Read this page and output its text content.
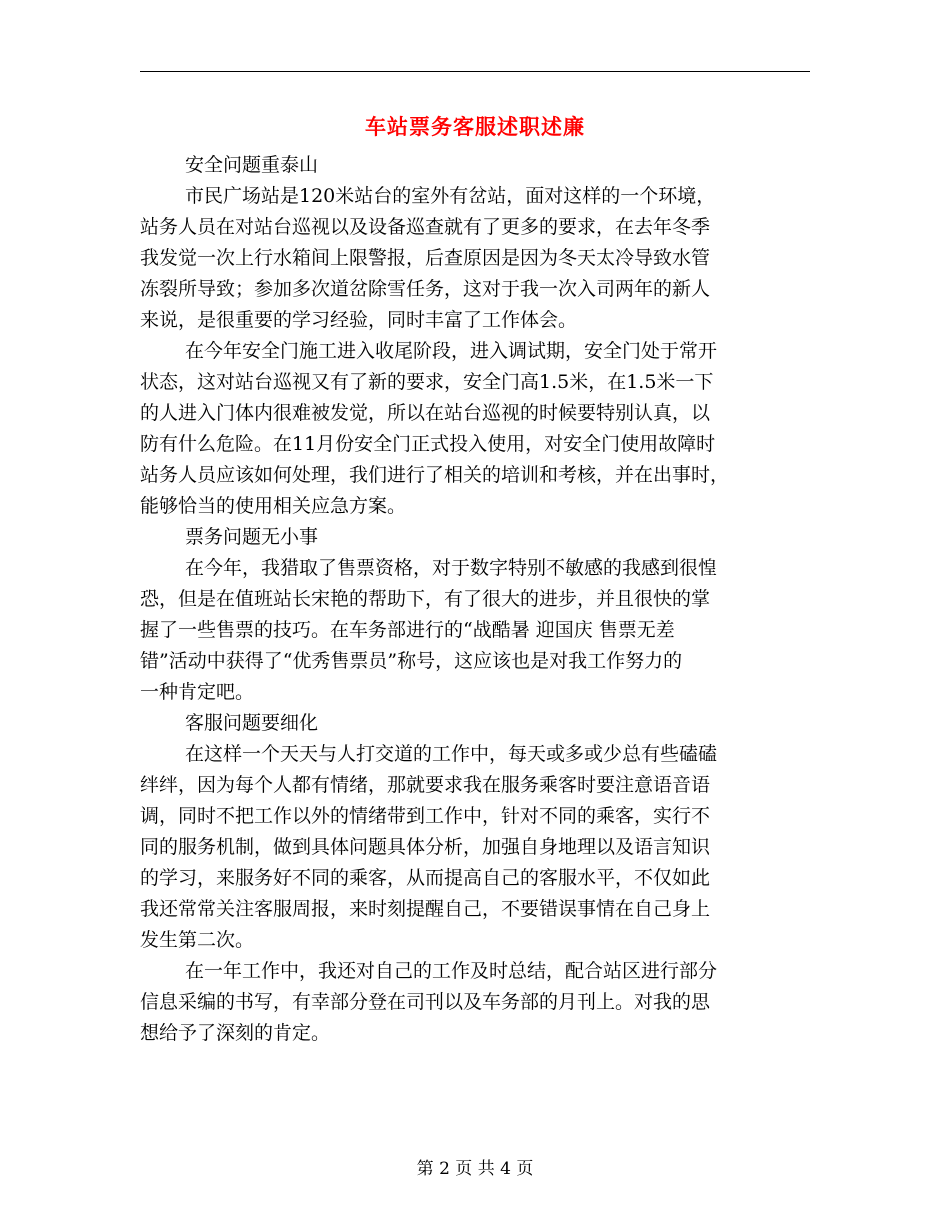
车站票务客服述职述廉
安全问题重泰山
市民广场站是120米站台的室外有岔站，面对这样的一个环境，
站务人员在对站台巡视以及设备巡查就有了更多的要求，在去年冬季
我发觉一次上行水箱间上限警报，后查原因是因为冬天太冷导致水管
冻裂所导致；参加多次道岔除雪任务，这对于我一次入司两年的新人
来说，是很重要的学习经验，同时丰富了工作体会。
在今年安全门施工进入收尾阶段，进入调试期，安全门处于常开
状态，这对站台巡视又有了新的要求，安全门高1.5米，在1.5米一下
的人进入门体内很难被发觉，所以在站台巡视的时候要特别认真，以
防有什么危险。在11月份安全门正式投入使用，对安全门使用故障时
站务人员应该如何处理，我们进行了相关的培训和考核，并在出事时，
能够恰当的使用相关应急方案。
票务问题无小事
在今年，我猎取了售票资格，对于数字特别不敏感的我感到很惶
恐，但是在值班站长宋艳的帮助下，有了很大的进步，并且很快的掌
握了一些售票的技巧。在车务部进行的“战酷暑 迎国庆 售票无差
错”活动中获得了“优秀售票员”称号，这应该也是对我工作努力的
一种肯定吧。
客服问题要细化
在这样一个天天与人打交道的工作中，每天或多或少总有些磕磕
绊绊，因为每个人都有情绪，那就要求我在服务乘客时要注意语音语
调，同时不把工作以外的情绪带到工作中，针对不同的乘客，实行不
同的服务机制，做到具体问题具体分析，加强自身地理以及语言知识
的学习，来服务好不同的乘客，从而提高自己的客服水平，不仅如此
我还常常关注客服周报，来时刻提醒自己，不要错误事情在自己身上
发生第二次。
在一年工作中，我还对自己的工作及时总结，配合站区进行部分
信息采编的书写，有幸部分登在司刊以及车务部的月刊上。对我的思
想给予了深刻的肯定。
第 2 页 共 4 页
